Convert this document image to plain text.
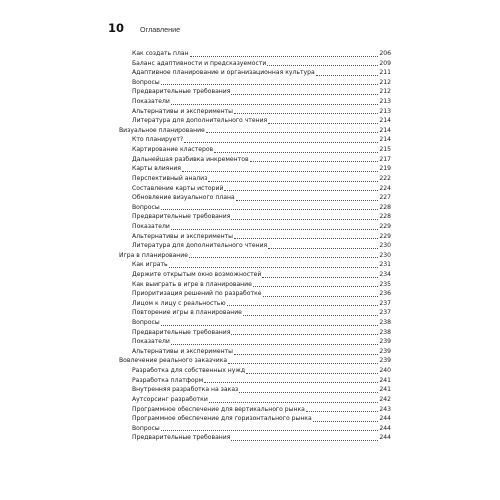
10 Оглавление
Как создать план	206
Баланс адаптивности и предсказуемости	209
Адаптивное планирование и организационная культура	211
Вопросы	212
Предварительные требования	212
Показатели	213
Альтернативы и эксперименты	213
Литература для дополнительного чтения	214
Визуальное планирование	214
Кто планирует?	214
Картирование кластеров	215
Дальнейшая разбивка инкрементов	217
Карты влияния	219
Перспективный анализ	222
Составление карты историй	224
Обновление визуального плана	227
Вопросы	228
Предварительные требования	228
Показатели	229
Альтернативы и эксперименты	229
Литература для дополнительного чтения	230
Игра в планирование	230
Как играть	231
Держите открытым окно возможностей	234
Как выиграть в игре в планирование	235
Приоритизация решений по разработке	236
Лицом к лицу с реальностью	237
Повторение игры в планирование	237
Вопросы	238
Предварительные требования	238
Показатели	239
Альтернативы и эксперименты	239
Вовлечение реального заказчика	239
Разработка для собственных нужд	240
Разработка платформ	241
Внутренняя разработка на заказ	241
Аутсорсинг разработки	242
Программное обеспечение для вертикального рынка	243
Программное обеспечение для горизонтального рынка	244
Вопросы	244
Предварительные требования	244
